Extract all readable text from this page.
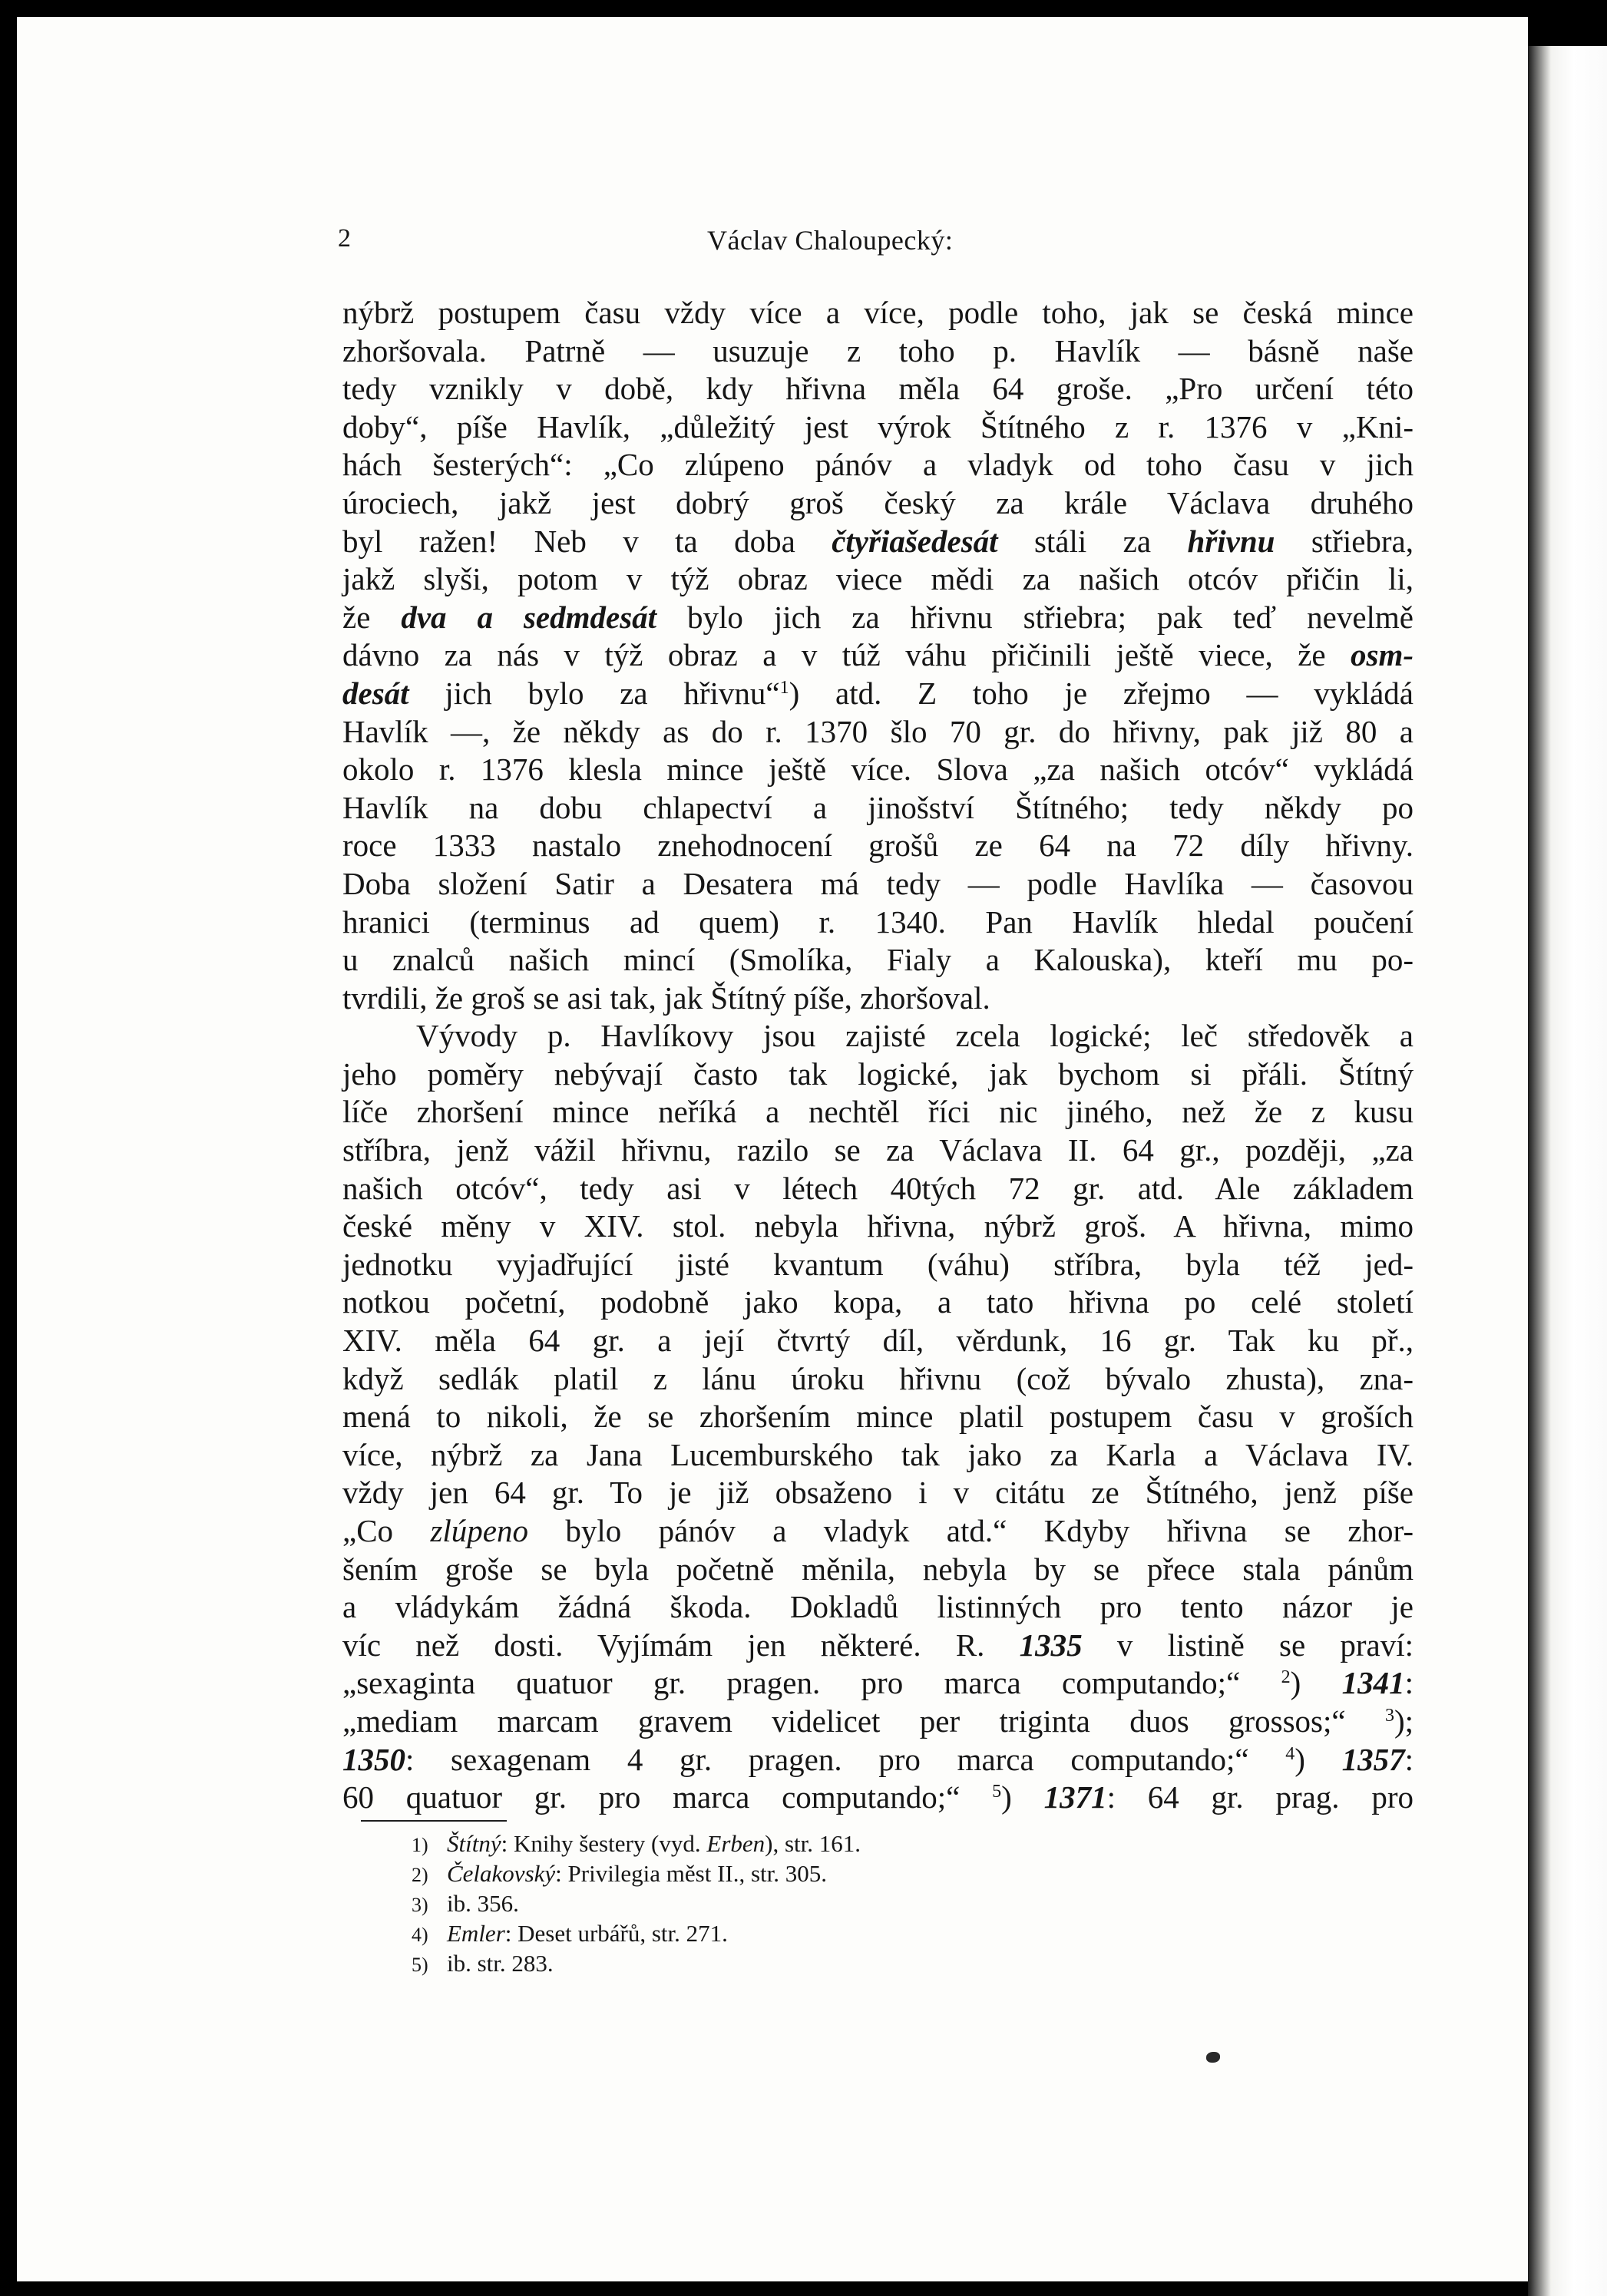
2	Václav Chaloupecký:
nýbrž postupem času vždy více a více, podle toho, jak se česká mince
zhoršovala. Patrně — usuzuje z toho p. Havlík — básně naše
tedy vznikly v době, kdy hřivna měla 64 groše. „Pro určení této
doby“, píše Havlík, „důležitý jest výrok Štítného z r. 1376 v „Kni-
hách šesterých“: „Co zlúpeno pánóv a vladyk od toho času v jich
úrociech, jakž jest dobrý groš český za krále Václava druhého
byl ražen! Neb v ta doba čtyřiašedesát stáli za hřivnu střiebra,
jakž slyši, potom v týž obraz viece mědi za našich otcóv přičin li,
že dva a sedmdesát bylo jich za hřivnu střiebra; pak teď nevelmě
dávno za nás v týž obraz a v túž váhu přičinili ještě viece, že osm-
desát jich bylo za hřivnu“$^1$) atd. Z toho je zřejmo — vykládá
Havlík —, že někdy as do r. 1370 šlo 70 gr. do hřivny, pak již 80 a
okolo r. 1376 klesla mince ještě více. Slova „za našich otcóv“ vykládá
Havlík na dobu chlapectví a jinošství Štítného; tedy někdy po
roce 1333 nastalo znehodnocení grošů ze 64 na 72 díly hřivny.
Doba složení Satir a Desatera má tedy — podle Havlíka — časovou
hranici (terminus ad quem) r. 1340. Pan Havlík hledal poučení
u znalců našich mincí (Smolíka, Fialy a Kalouska), kteří mu po-
tvrdili, že groš se asi tak, jak Štítný píše, zhoršoval.
Vývody p. Havlíkovy jsou zajisté zcela logické; leč středověk a
jeho poměry nebývají často tak logické, jak bychom si přáli. Štítný
líče zhoršení mince neříká a nechtěl říci nic jiného, než že z kusu
stříbra, jenž vážil hřivnu, razilo se za Václava II. 64 gr., později, „za
našich otcóv“, tedy asi v létech 40tých 72 gr. atd. Ale základem
české měny v XIV. stol. nebyla hřivna, nýbrž groš. A hřivna, mimo
jednotku vyjadřující jisté kvantum (váhu) stříbra, byla též jed-
notkou početní, podobně jako kopa, a tato hřivna po celé století
XIV. měla 64 gr. a její čtvrtý díl, věrdunk, 16 gr. Tak ku př.,
když sedlák platil z lánu úroku hřivnu (což bývalo zhusta), zna-
mená to nikoli, že se zhoršením mince platil postupem času v groších
více, nýbrž za Jana Lucemburského tak jako za Karla a Václava IV.
vždy jen 64 gr. To je již obsaženo i v citátu ze Štítného, jenž píše
„Co zlúpeno bylo pánóv a vladyk atd.“ Kdyby hřivna se zhor-
šením groše se byla početně měnila, nebyla by se přece stala pánům
a vládykám žádná škoda. Dokladů listinných pro tento názor je
víc než dosti. Vyjímám jen některé. R. 1335 v listině se praví:
„sexaginta quatuor gr. pragen. pro marca computando;“ $^2$) 1341:
„mediam marcam gravem videlicet per triginta duos grossos;“ $^3$);
1350: sexagenam 4 gr. pragen. pro marca computando;“ $^4$) 1357:
60 quatuor gr. pro marca computando;“ $^5$) 1371: 64 gr. prag. pro
1) Štítný: Knihy šestery (vyd. Erben), str. 161.
2) Čelakovský: Privilegia měst II., str. 305.
3) ib. 356.
4) Emler: Deset urbářů, str. 271.
5) ib. str. 283.
